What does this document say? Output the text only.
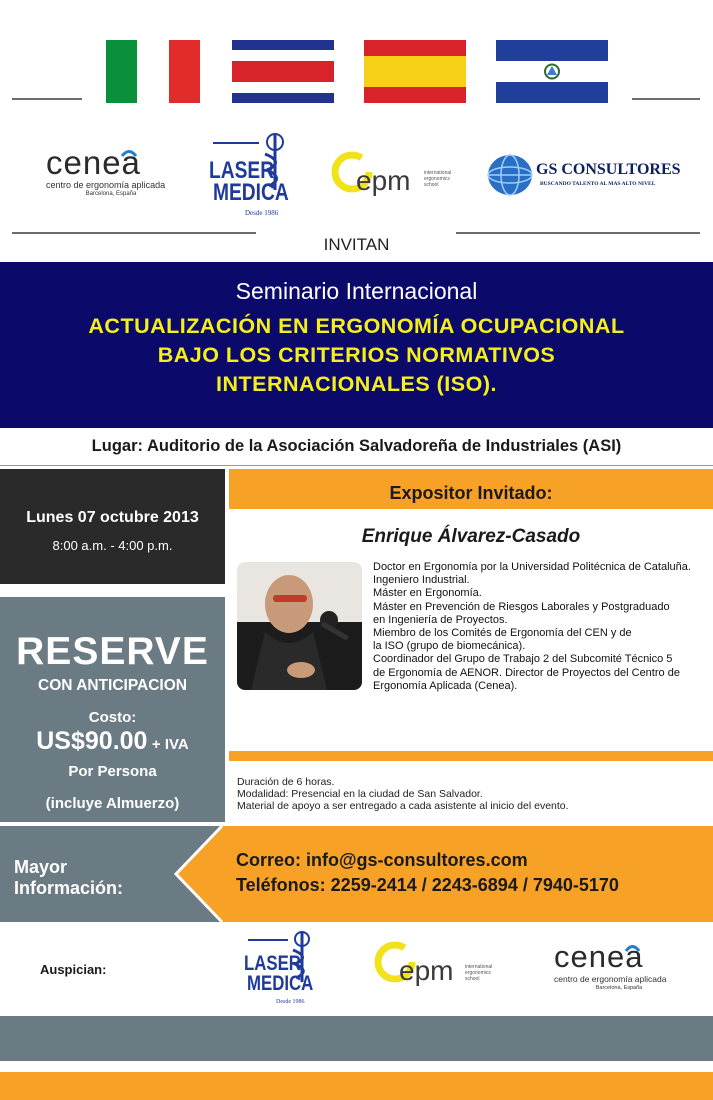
cenea
centro de ergonomía aplicada
Barcelona, España
LASER
MEDICA
Desde 1986
epm	international
ergonomics
school
GS CONSULTORES
BUSCANDO TALENTO AL MAS ALTO NIVEL
INVITAN
Seminario Internacional
ACTUALIZACIÓN EN ERGONOMÍA OCUPACIONAL
BAJO LOS CRITERIOS NORMATIVOS
INTERNACIONALES (ISO).
Lugar: Auditorio de la Asociación Salvadoreña de Industriales (ASI)
Lunes 07 octubre 2013
8:00 a.m. - 4:00 p.m.
Expositor Invitado:
Enrique Álvarez-Casado
Doctor en Ergonomía por la Universidad Politécnica de Cataluña.
Ingeniero Industrial.
Máster en Ergonomía.
Máster en Prevención de Riesgos Laborales y Postgraduado
en Ingeniería de Proyectos.
Miembro de los Comités de Ergonomía del CEN y de
la ISO (grupo de biomecánica).
Coordinador del Grupo de Trabajo 2 del Subcomité Técnico 5
de Ergonomía de AENOR. Director de Proyectos del Centro de
Ergonomía Aplicada (Cenea).
RESERVE
CON ANTICIPACION
Costo:
US$90.00 + IVA
Por Persona
(incluye Almuerzo)
Duración de 6 horas.
Modalidad: Presencial en la ciudad de San Salvador.
Material de apoyo a ser entregado a cada asistente al inicio del evento.
Mayor
Información:
Correo: info@gs-consultores.com
Teléfonos: 2259-2414 / 2243-6894 / 7940-5170
Auspician:	LASER
MEDICA
Desde 1986
epm international
ergonomics
school
cenea
centro de ergonomía aplicada
Barcelona, España
